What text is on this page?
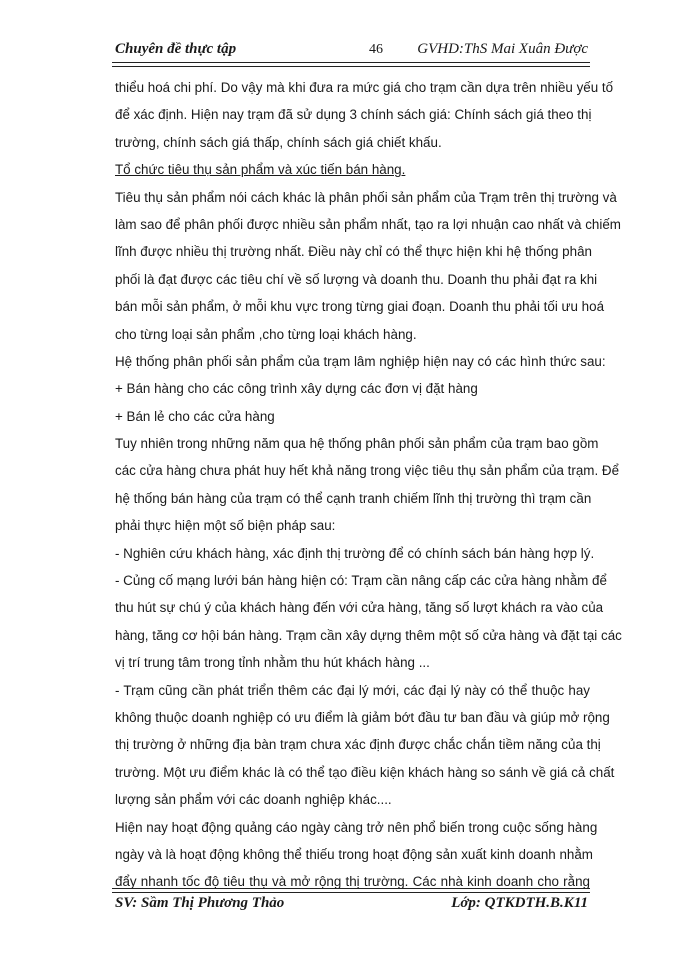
Chuyên đề thực tập	46 GVHD:ThS Mai Xuân Được
thiểu hoá chi phí. Do vậy mà khi đưa ra mức giá cho trạm cần dựa trên nhiều yếu tố
để xác định. Hiện nay trạm đã sử dụng 3 chính sách giá: Chính sách giá theo thị
trường, chính sách giá thấp, chính sách giá chiết khấu.
Tổ chức tiêu thụ sản phẩm và xúc tiến bán hàng.
Tiêu thụ sản phẩm nói cách khác là phân phối sản phẩm của Trạm trên thị trường và
làm sao để phân phối được nhiều sản phẩm nhất, tạo ra lợi nhuận cao nhất và chiếm
lĩnh được nhiều thị trường nhất. Điều này chỉ có thể thực hiện khi hệ thống phân
phối là đạt được các tiêu chí về số lượng và doanh thu. Doanh thu phải đạt ra khi
bán mỗi sản phẩm, ở mỗi khu vực trong từng giai đoạn. Doanh thu phải tối ưu hoá
cho từng loại sản phẩm ,cho từng loại khách hàng.
Hệ thống phân phối sản phẩm của trạm lâm nghiệp hiện nay có các hình thức sau:
+ Bán hàng cho các công trình xây dựng các đơn vị đặt hàng
+ Bán lẻ cho các cửa hàng
Tuy nhiên trong những năm qua hệ thống phân phối sản phẩm của trạm bao gồm
các cửa hàng chưa phát huy hết khả năng trong việc tiêu thụ sản phẩm của trạm. Để
hệ thống bán hàng của trạm có thể cạnh tranh chiếm lĩnh thị trường thì trạm cần
phải thực hiện một số biện pháp sau:
- Nghiên cứu khách hàng, xác định thị trường để có chính sách bán hàng hợp lý.
- Củng cố mạng lưới bán hàng hiện có: Trạm cần nâng cấp các cửa hàng nhằm để
thu hút sự chú ý của khách hàng đến với cửa hàng, tăng số lượt khách ra vào của
hàng, tăng cơ hội bán hàng. Trạm cần xây dựng thêm một số cửa hàng và đặt tại các
vị trí trung tâm trong tỉnh nhằm thu hút khách hàng ...
- Trạm cũng cần phát triển thêm các đại lý mới, các đại lý này có thể thuộc hay
không thuộc doanh nghiệp có ưu điểm là giảm bớt đầu tư ban đầu và giúp mở rộng
thị trường ở những địa bàn trạm chưa xác định được chắc chắn tiềm năng của thị
trường. Một ưu điểm khác là có thể tạo điều kiện khách hàng so sánh về giá cả chất
lượng sản phẩm với các doanh nghiệp khác....
Hiện nay hoạt động quảng cáo ngày càng trở nên phổ biến trong cuộc sống hàng
ngày và là hoạt động không thể thiếu trong hoạt động sản xuất kinh doanh nhằm
đẩy nhanh tốc độ tiêu thụ và mở rộng thị trường. Các nhà kinh doanh cho rằng
SV: Sầm Thị Phương Thảo	Lớp: QTKDTH.B.K11
